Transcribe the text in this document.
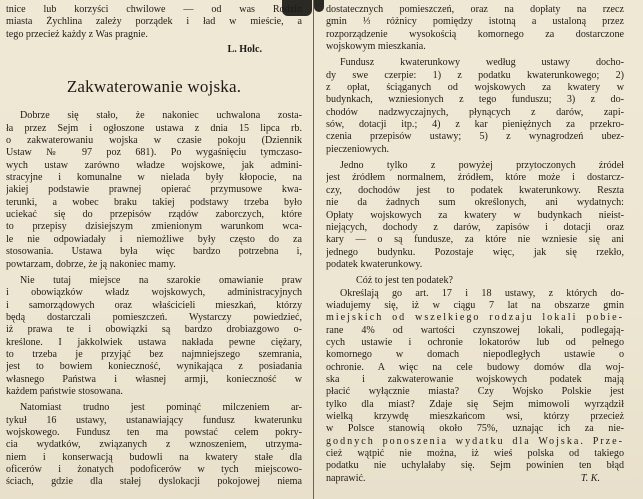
tnice lub korzyści chwilowe — od was Rodzin
miasta Żychlina zależy porządek i ład w mieście, a
tego przecież każdy z Was pragnie.
L. Holc.
Zakwaterowanie wojska.
Dobrze się stało, że nakoniec uchwalona zosta-
ła przez Sejm i ogłoszone ustawa z dnia 15 lipca rb.
o zakwaterowaniu wojska w czasie pokoju (Dziennik
Ustaw № 97 poz 681). Po wygaśnięciu tymczaso-
wych ustaw zarówno władze wojskowe, jak admini-
stracyjne i komunalne w nielada były kłopocie, na
jakiej podstawie prawnej opierać przymusowe kwa-
terunki, a wobec braku takiej podstawy trzeba było
uciekać się do przepisów rządów zaborczych, które
to przepisy dzisiejszym zmienionym warunkom wca-
le nie odpowiadały i niemożliwe były często do za
stosowania. Ustawa była więc bardzo potrzebna i,
powtarzam, dobrze, że ją nakoniec mamy.
Nie tutaj miejsce na szarokie omawianie praw
i obowiązków władz wojskowych, administracyjnych
i samorządowych oraz właścicieli mieszkań, którzy
będą dostarczali pomieszczeń. Wystarczy powiedzieć,
iż prawa te i obowiązki są bardzo drobiazgowo o-
kreślone. I jakkolwiek ustawa nakłada pewne ciężary,
to trzeba je przyjąć bez najmniejszego szemrania,
jest to bowiem konieczność, wynikająca z posiadania
własnego Państwa i własnej armji, konieczność w
każdem państwie stosowana.
Natomiast trudno jest pominąć milczeniem ar-
tykuł 16 ustawy, ustanawiający fundusz kwaterunku
wojskowego. Fundusz ten ma powstać celem pokry-
cia wydatków, związanych z wznoszeniem, utrzyma-
niem i konserwacją budowli na kwatery stałe dla
oficerów i żonatych podoficerów w tych miejscowo-
ściach, gdzie dla stałej dyslokacji pokojowej niema
dostatecznych pomieszczeń, oraz na dopłaty na rzecz
gmin ⅓ różnicy pomiędzy istotną a ustaloną przez
rozporządzenie wysokością komornego za dostarczone
wojskowym mieszkania.
Fundusz kwaterunkowy według ustawy docho-
dy swe czerpie: 1) z podatku kwaterunkowego; 2)
z opłat, ściąganych od wojskowych za kwatery w
budynkach, wzniesionych z tego funduszu; 3) z do-
chodów nadzwyczajnych, płynących z darów, zapi-
sów, dotacji itp.; 4) z kar pieniężnych za przekro-
czenia przepisów ustawy; 5) z wynagrodzeń ubez-
pieczeniowych.
Jedno tylko z powyżej przytoczonych źródeł
jest źródłem normalnem, źródłem, które może i dostarcz-
czy, dochodów jest to podatek kwaterunkowy. Reszta
nie da żadnych sum określonych, ani wydatnych:
Opłaty wojskowych za kwatery w budynkach nieist-
niejących, dochody z darów, zapisów i dotacji oraz
kary — o są fundusze, za które nie wzniesie się ani
jednego budynku. Pozostaje więc, jak się rzekło,
podatek kwaterunkowy.
Cóż to jest ten podatek?
Określają go art. 17 i 18 ustawy, z których do-
wiadujemy się, iż w ciągu 7 lat na obszarze gmin
miejskich od wszelkiego rodzaju lokali pobie-
rane 4% od wartości czynszowej lokali, podlegają-
cych ustawie i ochronie lokatorów lub od pełnego
komornego w domach niepodległych ustawie o
ochronie. A więc na cele budowy domów dla woj-
ska i zakwaterowanie wojskowych podatek mają
płacić wyłącznie miasta? Czy Wojsko Polskie jest
tylko dla miast? Zdaje się Sejm mimowoli wyrządził
wielką krzywdę mieszkańcom wsi, którzy przecież
w Polsce stanowią około 75%, uznając ich za nie-
godnych ponoszenia wydatku dla Wojska. Prze-
cież wątpić nie można, iż wieś polska od takiego
podatku nie uchylałaby się. Sejm powinien ten błąd
naprawić.	T. K.
